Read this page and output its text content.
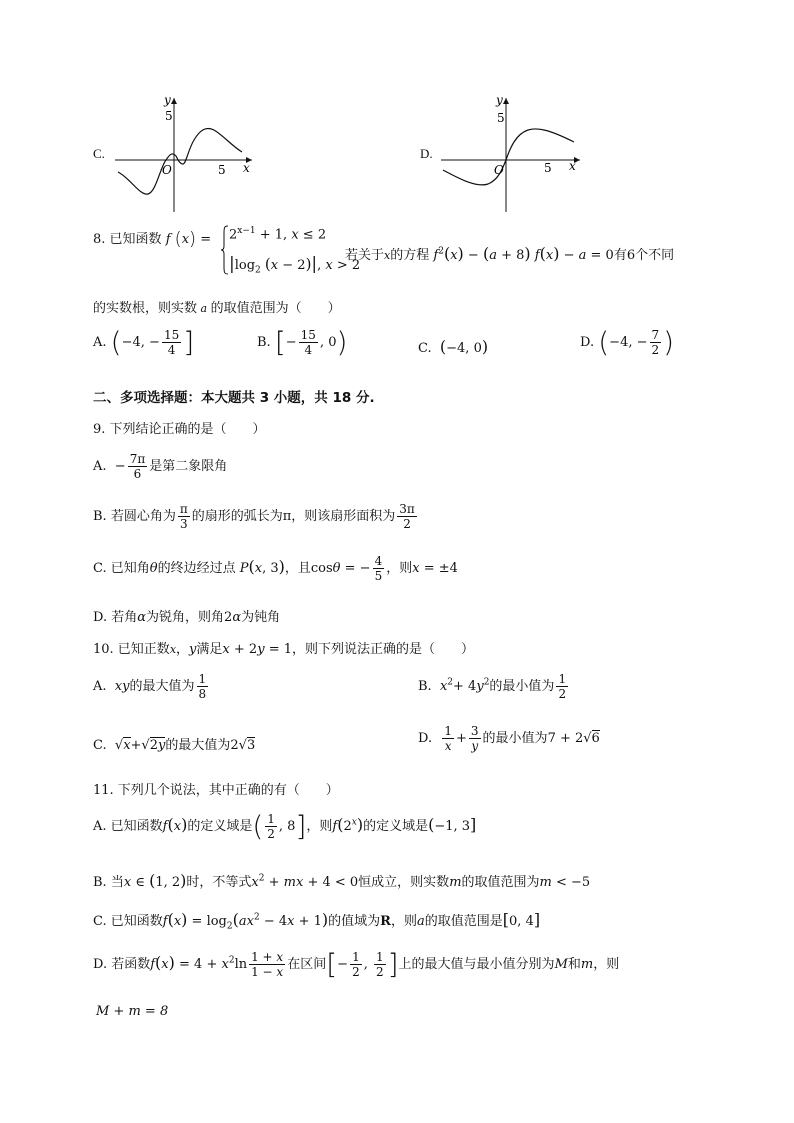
C.
y
x
O
5
5
D.
y
x
O
5
5
8. 已知函数 f $(x) = 2^{x-1} + 1$, x ≤ 2
$|\log_2$ (x − 2)|, x > 2
若关于x的方程 $f^2(x) - (a + 8) f(x) - a = 0$有6个不同
的实数根，则实数 a 的取值范围为（　　）
A. (−4, − $\frac{15}{4}$ ]	B. [− $\frac{15}{4}$ , 0)	C. (−4, 0)	D. (−4, − $\frac{7}{2}$ )
二、多项选择题：本大题共 3 小题，共 18 分.
9. 下列结论正确的是（　　）
A.  − $\frac{7\pi}{6}$ 是第二象限角
B. 若圆心角为 $\frac{\pi}{3}$ 的扇形的弧长为π，则该扇形面积为 $\frac{3\pi}{2}$
C. 已知角θ的终边经过点 P(x, 3)，且cosθ = − $\frac{4}{5}$ ，则x = ±4
D. 若角α为锐角，则角2α为钝角
10. 已知正数x，y满足x + 2y = 1，则下列说法正确的是（　　）
A. xy的最大值为 $\frac{1}{8}$	B. $x^2+ 4y^2$的最小值为 $\frac{1}{2}$
C.  √x+√2y的最大值为2√3	D. $\frac{1}{x} + \frac{3}{y}$ 的最小值为7 + 2√6
11. 下列几个说法，其中正确的有（　　）
A. 已知函数f(x)的定义域是( $\frac{1}{2}$ , 8]，则f(2$^x$)的定义域是(−1, 3]
B. 当x ∈ (1, 2)时，不等式$x^2$ + mx + 4 < 0恒成立，则实数m的取值范围为m < −5
C. 已知函数$f(x) = \log_2(ax^2 - 4x + 1)$的值域为R，则a的取值范围是[0, 4]
D. 若函数$f(x) = 4 + x^2\ln \frac{1 + x}{1 - x}$ 在区间[− $\frac{1}{2}$ , $\frac{1}{2}$ ]上的最大值与最小值分别为M和m，则
M + m = 8
